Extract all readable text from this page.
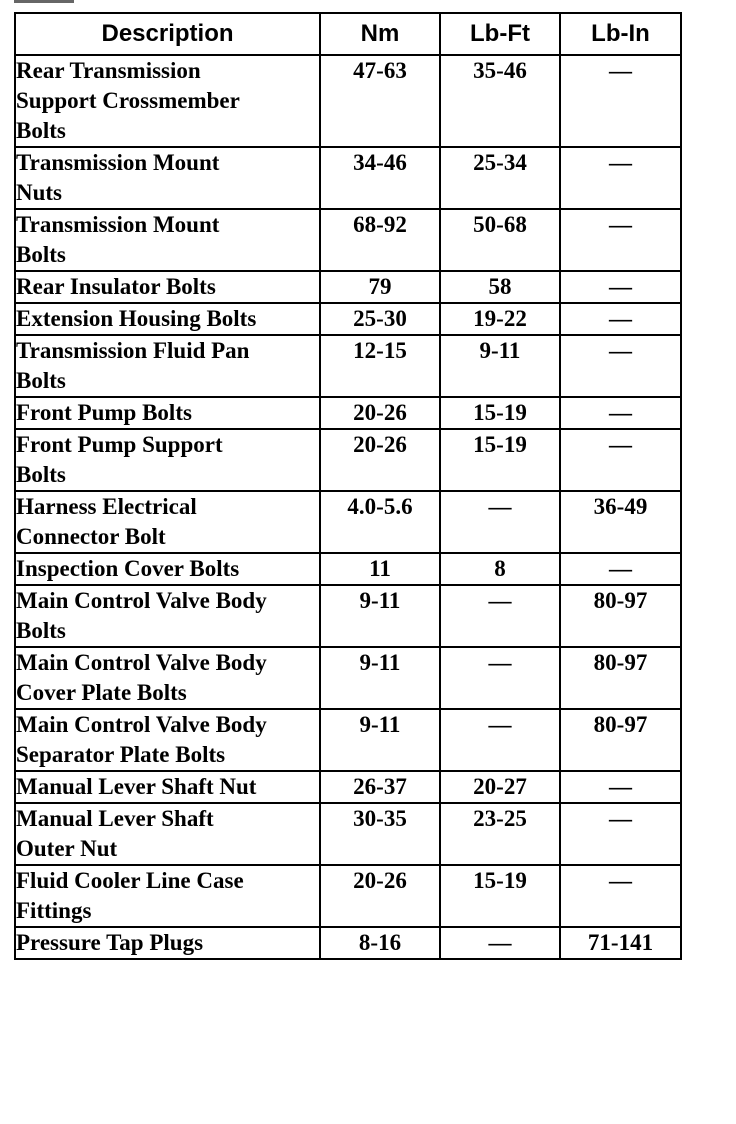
Description	Nm	Lb-Ft	Lb-In

Rear Transmission
Support Crossmember
Bolts	47-63	35-46	—

Transmission Mount
Nuts	34-46	25-34	—

Transmission Mount
Bolts	68-92	50-68	—

Rear Insulator Bolts	79	58	—

Extension Housing Bolts	25-30	19-22	—

Transmission Fluid Pan
Bolts	12-15	9-11	—

Front Pump Bolts	20-26	15-19	—

Front Pump Support
Bolts	20-26	15-19	—

Harness Electrical
Connector Bolt	4.0-5.6	—	36-49

Inspection Cover Bolts	11	8	—

Main Control Valve Body
Bolts	9-11	—	80-97

Main Control Valve Body
Cover Plate Bolts	9-11	—	80-97

Main Control Valve Body
Separator Plate Bolts	9-11	—	80-97

Manual Lever Shaft Nut	26-37	20-27	—

Manual Lever Shaft
Outer Nut	30-35	23-25	—

Fluid Cooler Line Case
Fittings	20-26	15-19	—

Pressure Tap Plugs	8-16	—	71-141
